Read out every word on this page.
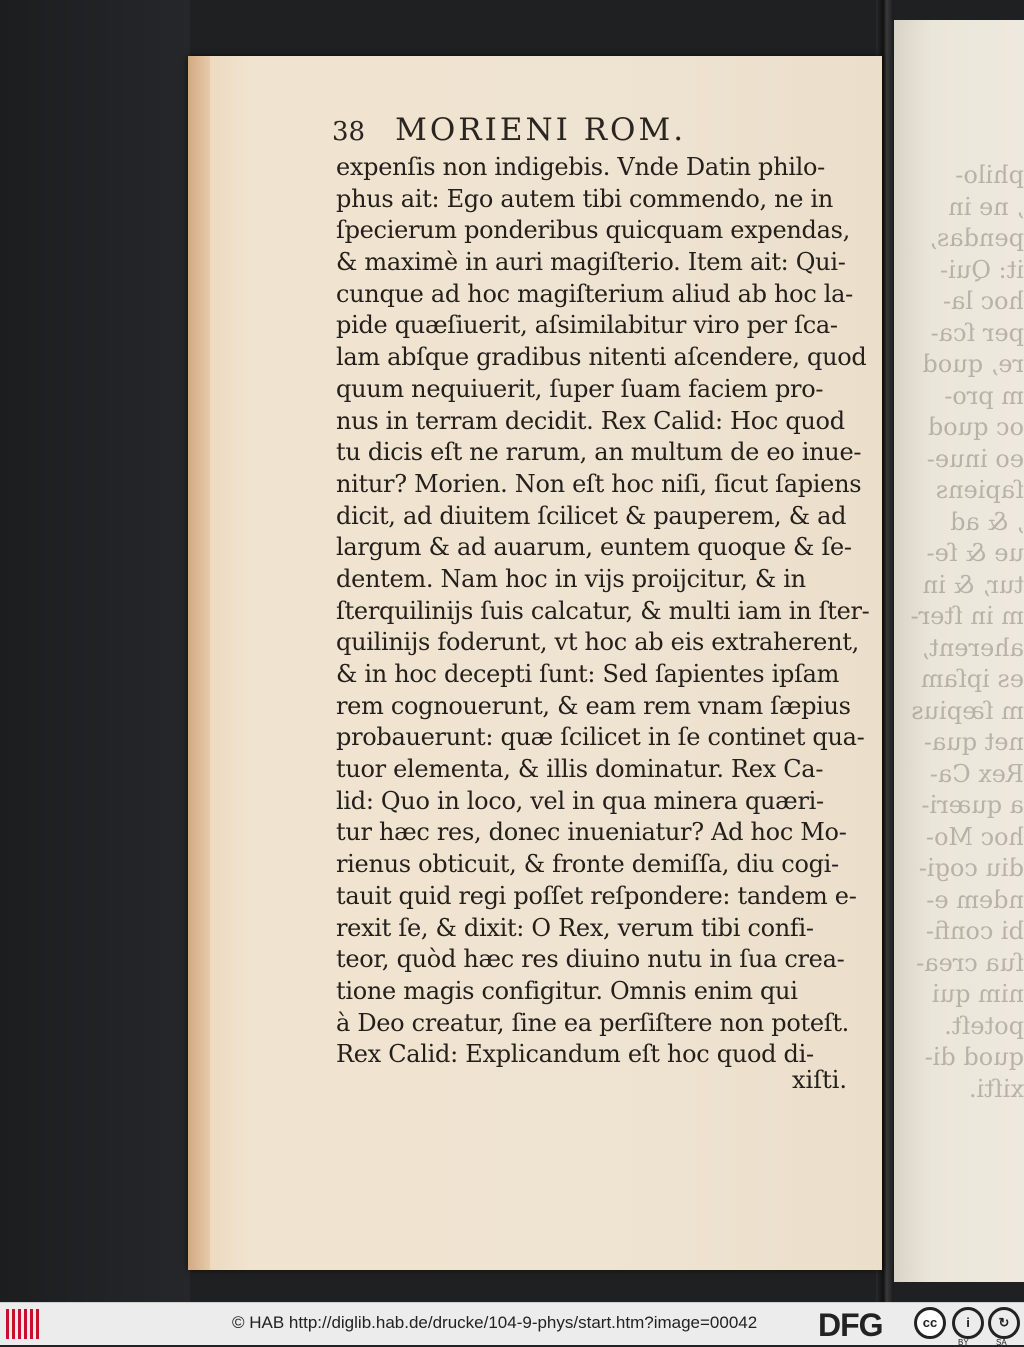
philo-
, ne in
pendas,
it: Qui-
hoc la-
per ſca-
re, quod
m pro-
oc quod
eo inue-
ſapiens
, & ad
ue & ſe-
tur, & in
m in ſter-
aherent,
es ipſam
m ſæpius
net qua-
Rex Ca-
a quæri-
hoc Mo-
diu cogi-
ndem e-
bi confi-
ſua crea-
nim qui
poteſt.
quod di-
xiſti.
38 MORIENI ROM.
expenſis non indigebis. Vnde Datin philo-
phus ait: Ego autem tibi commendo, ne in
ſpecierum ponderibus quicquam expendas,
& maximè in auri magiſterio. Item ait: Qui-
cunque ad hoc magiſterium aliud ab hoc la-
pide quæſiuerit, aſsimilabitur viro per ſca-
lam abſque gradibus nitenti aſcendere, quod
quum nequiuerit, ſuper ſuam faciem pro-
nus in terram decidit. Rex Calid: Hoc quod
tu dicis eſt ne rarum, an multum de eo inue-
nitur? Morien. Non eſt hoc niſi, ſicut ſapiens
dicit, ad diuitem ſcilicet & pauperem, & ad
largum & ad auarum, euntem quoque & ſe-
dentem. Nam hoc in vijs proijcitur, & in
ſterquilinijs ſuis calcatur, & multi iam in ſter-
quilinijs foderunt, vt hoc ab eis extraherent,
& in hoc decepti ſunt: Sed ſapientes ipſam
rem cognouerunt, & eam rem vnam ſæpius
probauerunt: quæ ſcilicet in ſe continet qua-
tuor elementa, & illis dominatur. Rex Ca-
lid: Quo in loco, vel in qua minera quæri-
tur hæc res, donec inueniatur? Ad hoc Mo-
rienus obticuit, & fronte demiſſa, diu cogi-
tauit quid regi poſſet reſpondere: tandem e-
rexit ſe, & dixit: O Rex, verum tibi confi-
teor, quòd hæc res diuino nutu in ſua crea-
tione magis configitur. Omnis enim qui
à Deo creatur, ſine ea perſiſtere non poteſt.
Rex Calid: Explicandum eſt hoc quod di-
xiſti.
© HAB http://diglib.hab.de/drucke/104-9-phys/start.htm?image=00042 DFG	cc	i	↻
BY	SA
